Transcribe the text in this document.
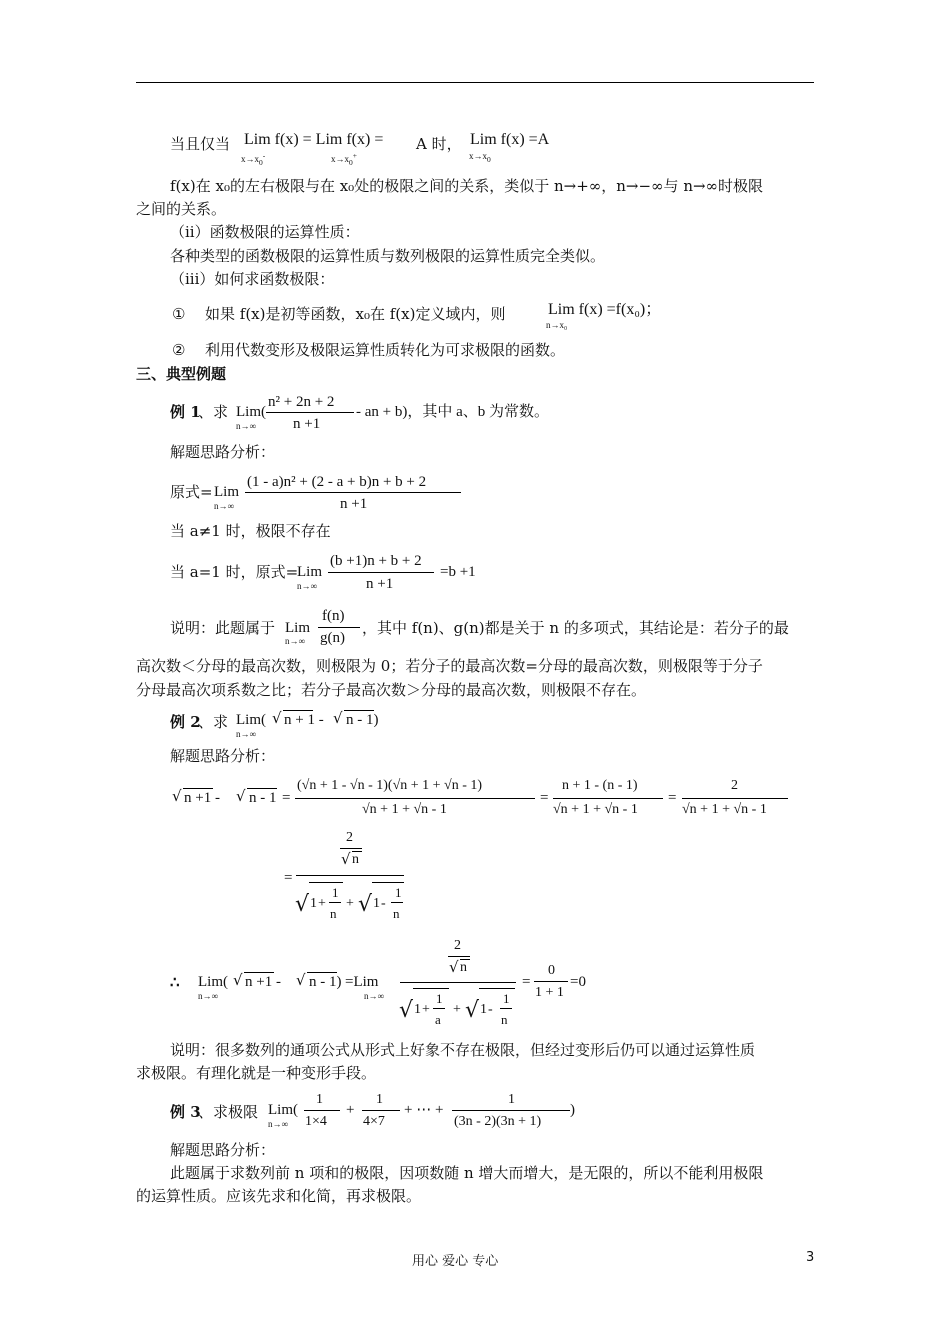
当且仅当 Lim f(x) = Lim f(x) =
$x\to x_0^-$	$x\to x_0^+$
A 时， Lim f(x) =A
$x\to x_0$
f(x)在 x₀的左右极限与在 x₀处的极限之间的关系，类似于 n→+∞，n→−∞与 n→∞时极限
之间的关系。
（ii）函数极限的运算性质：
各种类型的函数极限的运算性质与数列极限的运算性质完全类似。
（iii）如何求函数极限：
① 如果 f(x)是初等函数，x₀在 f(x)定义域内，则	Lim f(x) =f(x₀)；
n→x₀
② 利用代数变形及极限运算性质转化为可求极限的函数。
三、典型例题
例 1
、求 Lim(
n→∞
n² + 2n + 2
n +1
- an + b)，其中 a、b 为常数。
解题思路分析：
原式= Lim
n→∞
(1 - a)n² + (2 - a + b)n + b + 2
n +1
当 a≠1 时，极限不存在
当 a=1 时，原式=
Lim
n→∞
(b +1)n + b + 2
n +1
=b +1
说明：此题属于 Lim
n→∞
f(n)
g(n)
，其中 f(n)、g(n)都是关于 n 的多项式，其结论是：若分子的最
高次数＜分母的最高次数，则极限为 0；若分子的最高次数=分母的最高次数，则极限等于分子
分母最高次项系数之比；若分子最高次数＞分母的最高次数，则极限不存在。
例 2
、求 Lim(
n→∞
√ n + 1 - √ n - 1)
解题思路分析：
√ n +1 - √ n - 1 =
(√n + 1 - √n - 1)(√n + 1 + √n - 1)
√n + 1 + √n - 1
=
n + 1 - (n - 1)
√n + 1 + √n - 1
=
2
√n + 1 + √n - 1
=
2
√ n
√ 1 +
1
n
+ √ 1 -
1
n
∴ Lim(
n→∞
√ n +1 - √ n - 1) =Lim
n→∞
2
√ n
√ 1 +
1
a
+ √ 1 -
1
n
=
0
1 + 1
=0
说明：很多数列的通项公式从形式上好象不存在极限，但经过变形后仍可以通过运算性质
求极限。有理化就是一种变形手段。
例 3
、求极限 Lim(
n→∞
1
1×4
+
1
4×7
+ ⋯ +
1
(3n - 2)(3n + 1)
)
解题思路分析：
此题属于求数列前 n 项和的极限，因项数随 n 增大而增大，是无限的，所以不能利用极限
的运算性质。应该先求和化简，再求极限。
用心 爱心 专心	3
